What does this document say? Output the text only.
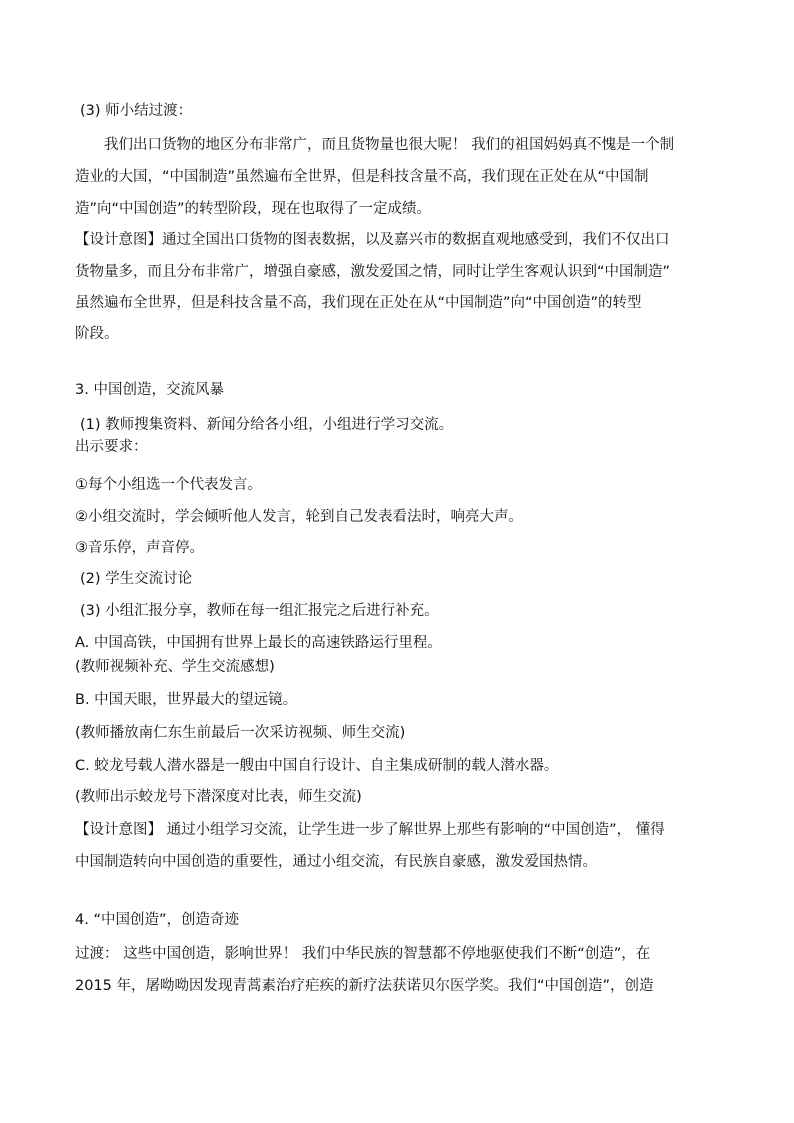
(3) 师小结过渡：
我们出口货物的地区分布非常广，而且货物量也很大呢！ 我们的祖国妈妈真不愧是一个制
造业的大国，“中国制造”虽然遍布全世界，但是科技含量不高，我们现在正处在从“中国制
造”向“中国创造”的转型阶段，现在也取得了一定成绩。
【设计意图】通过全国出口货物的图表数据，以及嘉兴市的数据直观地感受到，我们不仅出口
货物量多，而且分布非常广，增强自豪感，激发爱国之情，同时让学生客观认识到“中国制造”
虽然遍布全世界，但是科技含量不高，我们现在正处在从“中国制造”向“中国创造”的转型
阶段。
3. 中国创造，交流风暴
(1) 教师搜集资料、新闻分给各小组，小组进行学习交流。
出示要求：
①每个小组选一个代表发言。
②小组交流时，学会倾听他人发言，轮到自己发表看法时，响亮大声。
③音乐停，声音停。
(2) 学生交流讨论
(3) 小组汇报分享，教师在每一组汇报完之后进行补充。
A. 中国高铁，中国拥有世界上最长的高速铁路运行里程。
(教师视频补充、学生交流感想)
B. 中国天眼，世界最大的望远镜。
(教师播放南仁东生前最后一次采访视频、师生交流)
C. 蛟龙号载人潜水器是一艘由中国自行设计、自主集成研制的载人潜水器。
(教师出示蛟龙号下潜深度对比表，师生交流)
【设计意图】 通过小组学习交流，让学生进一步了解世界上那些有影响的“中国创造”， 懂得
中国制造转向中国创造的重要性，通过小组交流，有民族自豪感，激发爱国热情。
4. “中国创造”，创造奇迹
过渡： 这些中国创造，影响世界！ 我们中华民族的智慧都不停地驱使我们不断“创造”，在
2015 年，屠呦呦因发现青蒿素治疗疟疾的新疗法获诺贝尔医学奖。我们“中国创造”，创造
